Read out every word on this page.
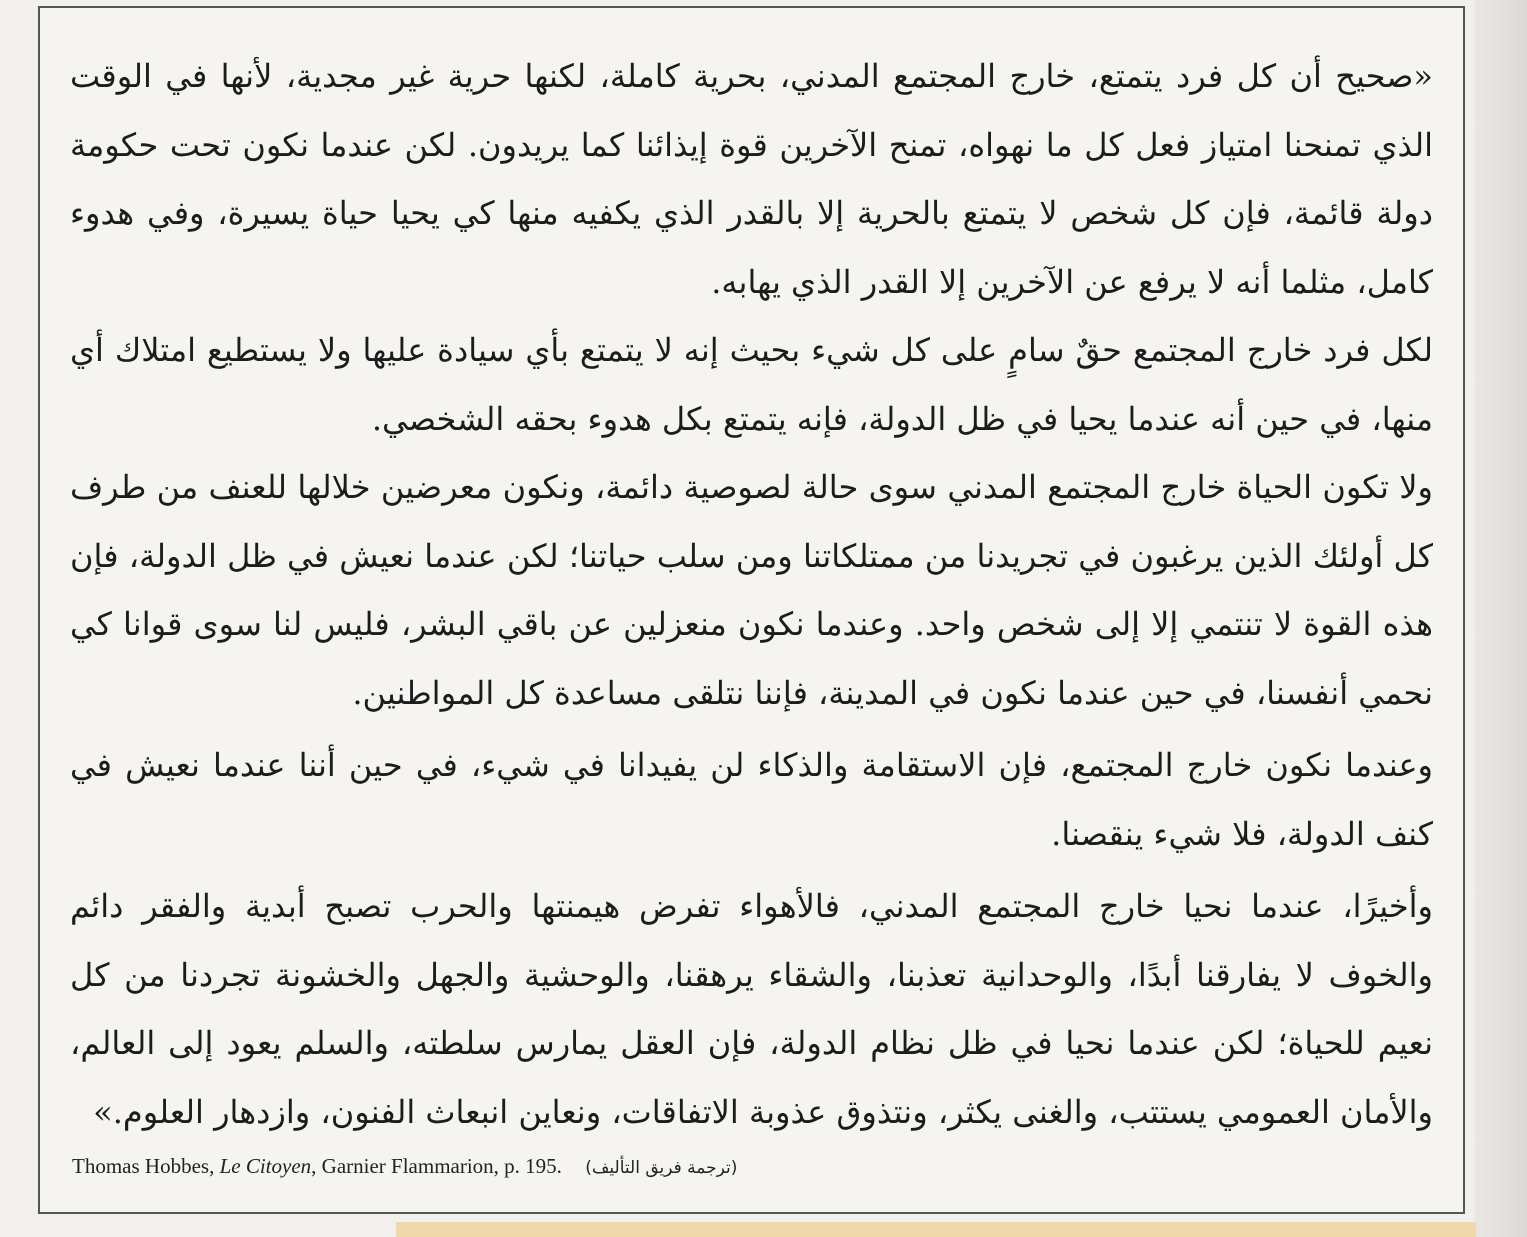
«صحيح أن كل فرد يتمتع، خارج المجتمع المدني، بحرية كاملة، لكنها حرية غير مجدية، لأنها في الوقت الذي تمنحنا امتياز فعل كل ما نهواه، تمنح الآخرين قوة إيذائنا كما يريدون. لكن عندما نكون تحت حكومة دولة قائمة، فإن كل شخص لا يتمتع بالحرية إلا بالقدر الذي يكفيه منها كي يحيا حياة يسيرة، وفي هدوء كامل، مثلما أنه لا يرفع عن الآخرين إلا القدر الذي يهابه.

لكل فرد خارج المجتمع حقٌ سامٍ على كل شيء بحيث إنه لا يتمتع بأي سيادة عليها ولا يستطيع امتلاك أي منها، في حين أنه عندما يحيا في ظل الدولة، فإنه يتمتع بكل هدوء بحقه الشخصي.

ولا تكون الحياة خارج المجتمع المدني سوى حالة لصوصية دائمة، ونكون معرضين خلالها للعنف من طرف كل أولئك الذين يرغبون في تجريدنا من ممتلكاتنا ومن سلب حياتنا؛ لكن عندما نعيش في ظل الدولة، فإن هذه القوة لا تنتمي إلا إلى شخص واحد. وعندما نكون منعزلين عن باقي البشر، فليس لنا سوى قوانا كي نحمي أنفسنا، في حين عندما نكون في المدينة، فإننا نتلقى مساعدة كل المواطنين.

وعندما نكون خارج المجتمع، فإن الاستقامة والذكاء لن يفيدانا في شيء، في حين أننا عندما نعيش في كنف الدولة، فلا شيء ينقصنا.

وأخيرًا، عندما نحيا خارج المجتمع المدني، فالأهواء تفرض هيمنتها والحرب تصبح أبدية والفقر دائم والخوف لا يفارقنا أبدًا، والوحدانية تعذبنا، والشقاء يرهقنا، والوحشية والجهل والخشونة تجردنا من كل نعيم للحياة؛ لكن عندما نحيا في ظل نظام الدولة، فإن العقل يمارس سلطته، والسلم يعود إلى العالم، والأمان العمومي يستتب، والغنى يكثر، ونتذوق عذوبة الاتفاقات، ونعاين انبعاث الفنون، وازدهار العلوم.»

Thomas Hobbes, Le Citoyen, Garnier Flammarion, p. 195. (ترجمة فريق التأليف)
